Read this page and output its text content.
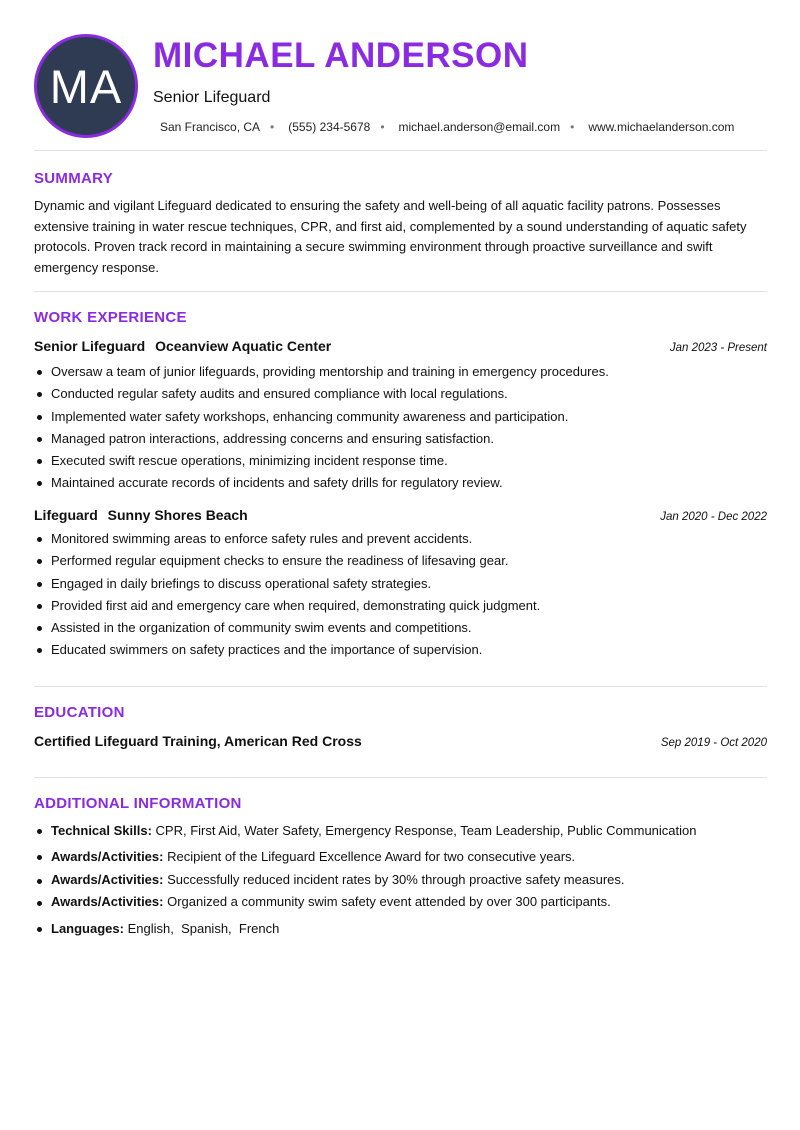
MA
MICHAEL ANDERSON
Senior Lifeguard
San Francisco, CA • (555) 234-5678 • michael.anderson@email.com • www.michaelanderson.com
SUMMARY

Dynamic and vigilant Lifeguard dedicated to ensuring the safety and well-being of all aquatic facility patrons. Possesses extensive training in water rescue techniques, CPR, and first aid, complemented by a sound understanding of aquatic safety protocols. Proven track record in maintaining a secure swimming environment through proactive surveillance and swift emergency response.

WORK EXPERIENCE
Senior Lifeguard Oceanview Aquatic Center	Jan 2023 - Present
Oversaw a team of junior lifeguards, providing mentorship and training in emergency procedures.
Conducted regular safety audits and ensured compliance with local regulations.
Implemented water safety workshops, enhancing community awareness and participation.
Managed patron interactions, addressing concerns and ensuring satisfaction.
Executed swift rescue operations, minimizing incident response time.
Maintained accurate records of incidents and safety drills for regulatory review.
Lifeguard Sunny Shores Beach	Jan 2020 - Dec 2022
Monitored swimming areas to enforce safety rules and prevent accidents.
Performed regular equipment checks to ensure the readiness of lifesaving gear.
Engaged in daily briefings to discuss operational safety strategies.
Provided first aid and emergency care when required, demonstrating quick judgment.
Assisted in the organization of community swim events and competitions.
Educated swimmers on safety practices and the importance of supervision.
EDUCATION
Certified Lifeguard Training, American Red Cross	Sep 2019 - Oct 2020
ADDITIONAL INFORMATION
Technical Skills: CPR, First Aid, Water Safety, Emergency Response, Team Leadership, Public Communication
Awards/Activities: Recipient of the Lifeguard Excellence Award for two consecutive years.
Awards/Activities: Successfully reduced incident rates by 30% through proactive safety measures.
Awards/Activities: Organized a community swim safety event attended by over 300 participants.
Languages: English,  Spanish,  French
